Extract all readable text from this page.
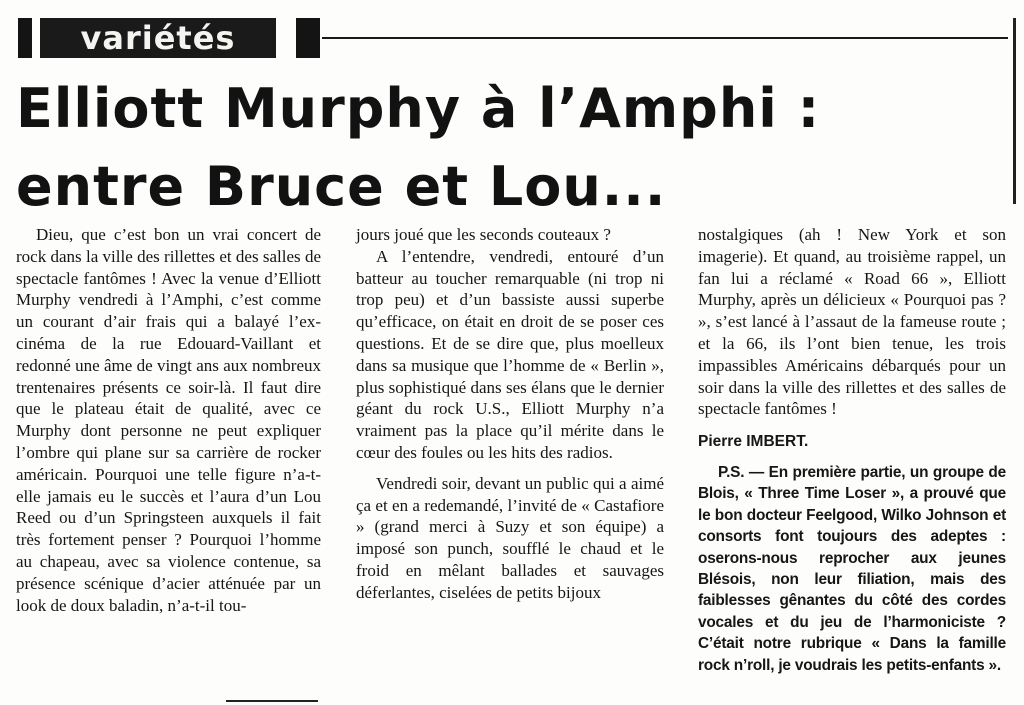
variétés
Elliott Murphy à l’Amphi :
entre Bruce et Lou...

Dieu, que c’est bon un vrai concert de rock dans la ville des rillettes et des salles de spectacle fantômes ! Avec la venue d’Elliott Murphy vendredi à l’Amphi, c’est comme un courant d’air frais qui a balayé l’ex-cinéma de la rue Edouard-Vaillant et redonné une âme de vingt ans aux nombreux trentenaires présents ce soir-là. Il faut dire que le plateau était de qualité, avec ce Murphy dont personne ne peut expliquer l’ombre qui plane sur sa carrière de rocker américain. Pourquoi une telle figure n’a-t-elle jamais eu le succès et l’aura d’un Lou Reed ou d’un Springsteen auxquels il fait très fortement penser ? Pourquoi l’homme au chapeau, avec sa violence contenue, sa présence scénique d’acier atténuée par un look de doux baladin, n’a-t-il tou-

jours joué que les seconds couteaux ?

A l’entendre, vendredi, entouré d’un batteur au toucher remarquable (ni trop ni trop peu) et d’un bassiste aussi superbe qu’efficace, on était en droit de se poser ces questions. Et de se dire que, plus moelleux dans sa musique que l’homme de « Berlin », plus sophistiqué dans ses élans que le dernier géant du rock U.S., Elliott Murphy n’a vraiment pas la place qu’il mérite dans le cœur des foules ou les hits des radios.

Vendredi soir, devant un public qui a aimé ça et en a redemandé, l’invité de « Castafiore » (grand merci à Suzy et son équipe) a imposé son punch, soufflé le chaud et le froid en mêlant ballades et sauvages déferlantes, ciselées de petits bijoux

nostalgiques (ah ! New York et son imagerie). Et quand, au troisième rappel, un fan lui a réclamé « Road 66 », Elliott Murphy, après un délicieux « Pourquoi pas ? », s’est lancé à l’assaut de la fameuse route ; et la 66, ils l’ont bien tenue, les trois impassibles Américains débarqués pour un soir dans la ville des rillettes et des salles de spectacle fantômes !

Pierre IMBERT.

P.S. — En première partie, un groupe de Blois, « Three Time Loser », a prouvé que le bon docteur Feelgood, Wilko Johnson et consorts font toujours des adeptes : oserons-nous reprocher aux jeunes Blésois, non leur filiation, mais des faiblesses gênantes du côté des cordes vocales et du jeu de l’harmoniciste ? C’était notre rubrique « Dans la famille rock n’roll, je voudrais les petits-enfants ».
